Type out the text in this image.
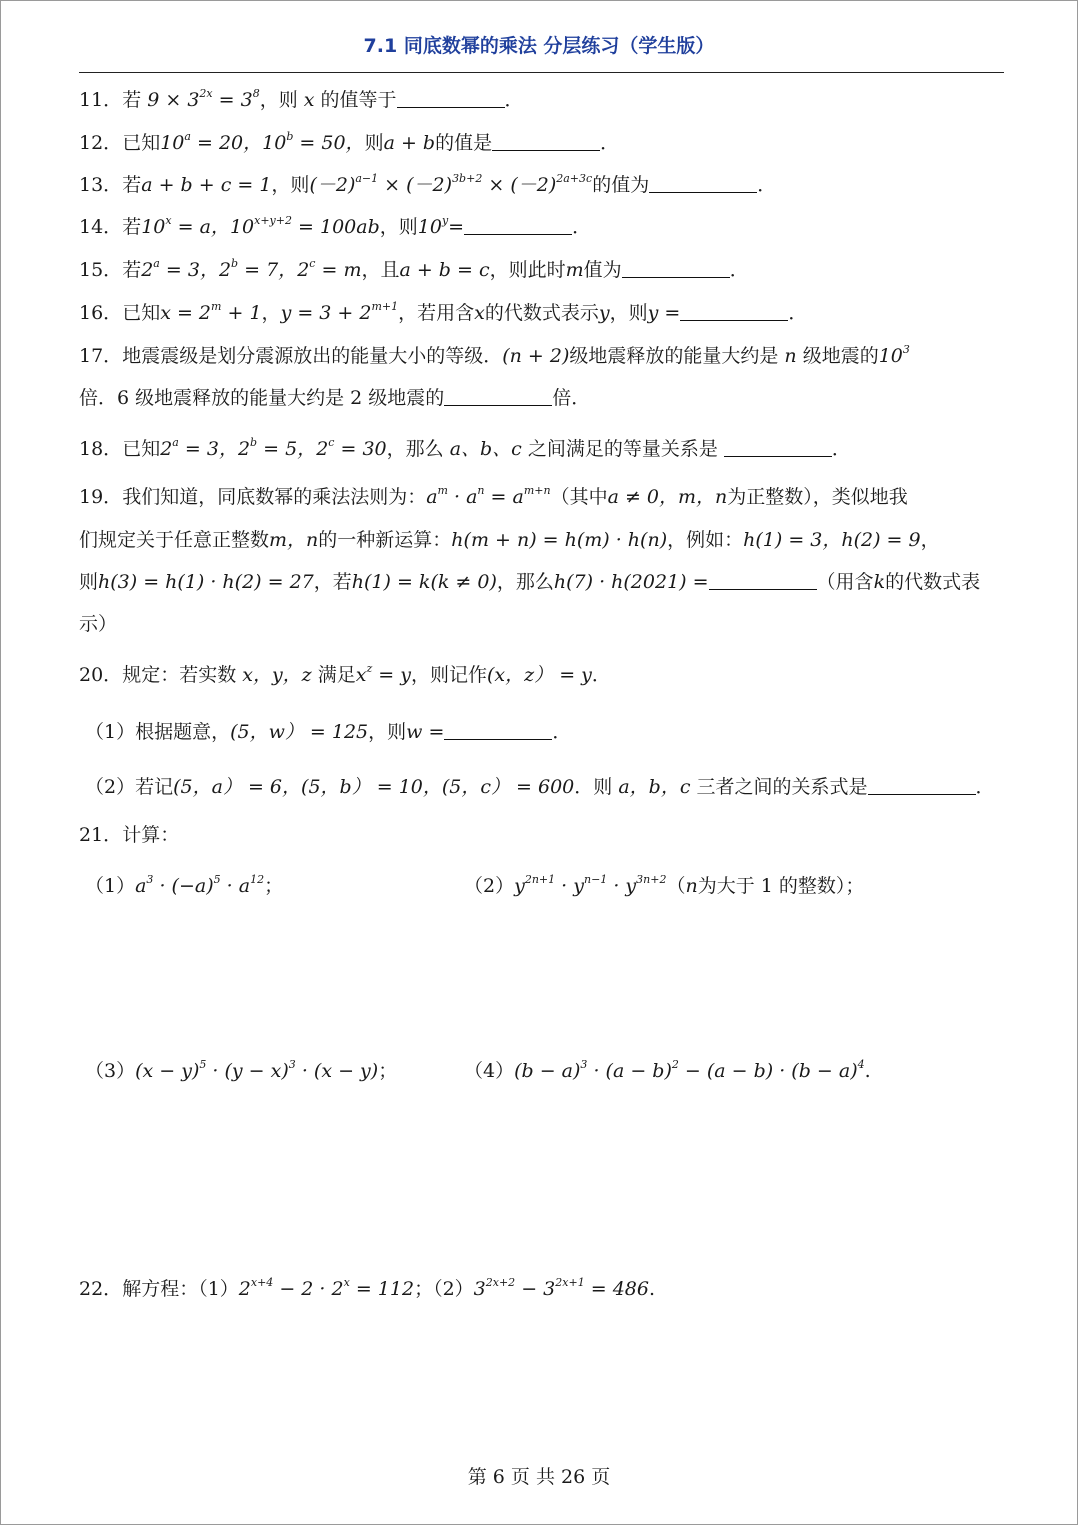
7.1 同底数幂的乘法 分层练习（学生版）
11．若 $9 \times 3^{2x} = 3^8$，则 x 的值等于	．
12．已知$10^a = 20$，$10^b = 50$，则a + b的值是	．
13．若a + b + c = 1，则$(-2)^{a-1} \times (-2)^{3b+2} \times (-2)^{2a+3c}$的值为	．
14．若$10^x = a$，$10^{x+y+2} = 100ab$，则$10^y=$	．
15．若$2^a = 3$，$2^b = 7$，$2^c = m$，且a + b = c，则此时m值为	．
16．已知$x = 2^m + 1$，$y = 3 + 2^{m+1}$，若用含x的代数式表示y，则y =	．
17．地震震级是划分震源放出的能量大小的等级．(n + 2)级地震释放的能量大约是 n 级地震的$10^3$
倍．6 级地震释放的能量大约是 2 级地震的	倍．
18．已知$2^a = 3$，$2^b = 5$，$2^c = 30$，那么 a、b、c 之间满足的等量关系是	．
19．我们知道，同底数幂的乘法法则为：$a^m \cdot a^n = a^{m+n}$（其中a ≠ 0，m，n为正整数），类似地我
们规定关于任意正整数m，n的一种新运算：h(m + n) = h(m) · h(n)，例如：h(1) = 3，h(2) = 9，
则h(3) = h(1) · h(2) = 27，若h(1) = k(k ≠ 0)，那么h(7) · h(2021) =	（用含k的代数式表
示）
20．规定：若实数 x，y，z 满足$x^z = y$，则记作(x，z） = y．
（1）根据题意，(5，w） = 125，则w =	．
（2）若记(5，a） = 6，(5，b） = 10，(5，c） = 600．则 a，b，c 三者之间的关系式是	．
21．计算：
$(1)a^3 \cdot (-a)^5 \cdot a^{12}$；	$(2)y^{2n+1} \cdot y^{n-1} \cdot y^{3n+2}(n$为大于 1 的整数）；
$(3)(x - y)^5 \cdot (y - x)^3 \cdot (x - y)$；	$(4)(b - a)^3 \cdot (a - b)^2 - (a - b) \cdot (b - a)^4$.
22．解方程：$(1)2^{x+4} - 2 \cdot 2^x = 112$；$(2)3^{2x+2} - 3^{2x+1} = 486$.
第 6 页 共 26 页
